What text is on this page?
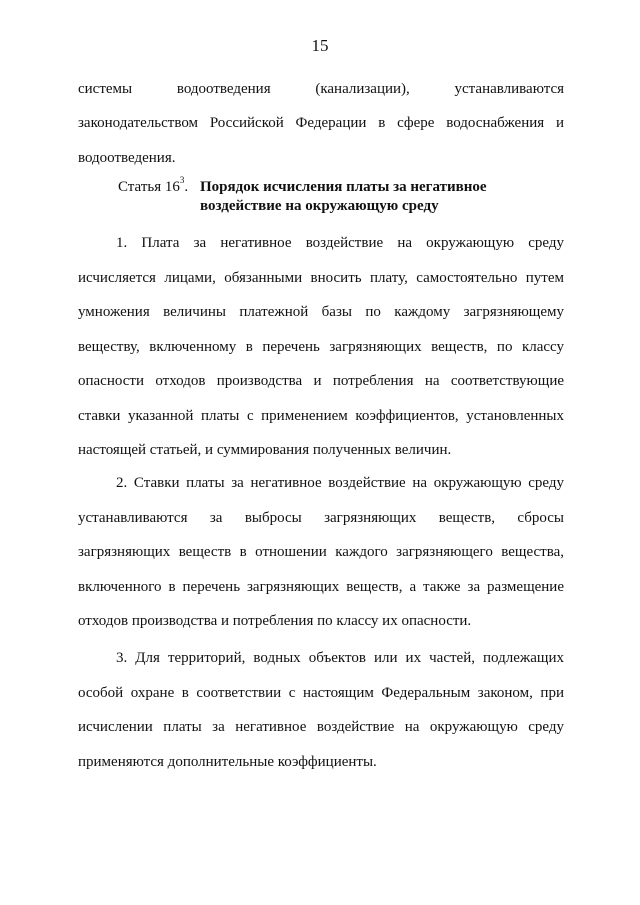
15
системы водоотведения (канализации), устанавливаются
законодательством Российской Федерации в сфере водоснабжения и водоотведения.
Статья $16^3$. Порядок исчисления платы за негативное воздействие на окружающую среду
1. Плата за негативное воздействие на окружающую среду исчисляется лицами, обязанными вносить плату, самостоятельно путем умножения величины платежной базы по каждому загрязняющему веществу, включенному в перечень загрязняющих веществ, по классу опасности отходов производства и потребления на соответствующие ставки указанной платы с применением коэффициентов, установленных настоящей статьей, и суммирования полученных величин.
2. Ставки платы за негативное воздействие на окружающую среду устанавливаются за выбросы загрязняющих веществ, сбросы загрязняющих веществ в отношении каждого загрязняющего вещества, включенного в перечень загрязняющих веществ, а также за размещение отходов производства и потребления по классу их опасности.
3. Для территорий, водных объектов или их частей, подлежащих особой охране в соответствии с настоящим Федеральным законом, при исчислении платы за негативное воздействие на окружающую среду применяются дополнительные коэффициенты.
